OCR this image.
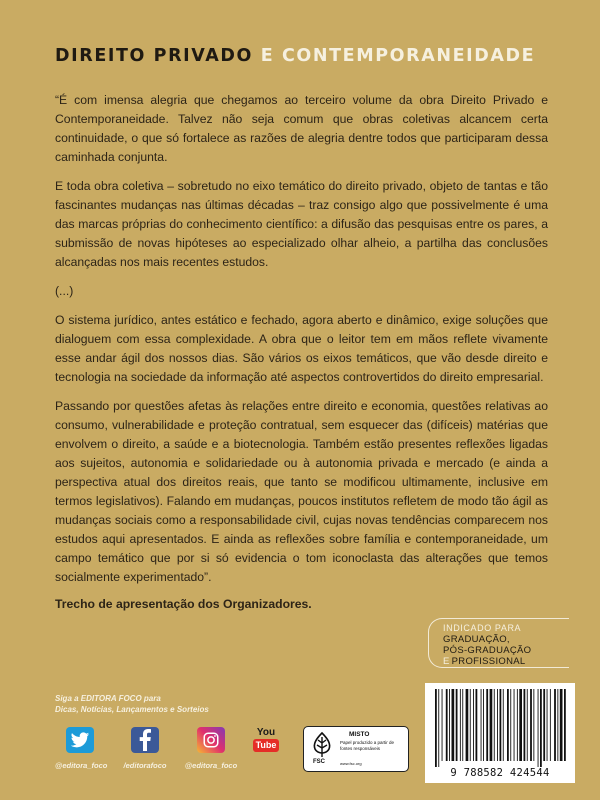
DIREITO PRIVADO E CONTEMPORANEIDADE

“É com imensa alegria que chegamos ao terceiro volume da obra Direito Privado e Contemporaneidade. Talvez não seja comum que obras coletivas alcancem certa continuidade, o que só fortalece as razões de alegria dentre todos que participaram dessa caminhada conjunta.

E toda obra coletiva – sobretudo no eixo temático do direito privado, objeto de tantas e tão fascinantes mudanças nas últimas décadas – traz consigo algo que possivelmente é uma das marcas próprias do conhecimento científico: a difusão das pesquisas entre os pares, a submissão de novas hipóteses ao especializado olhar alheio, a partilha das conclusões alcançadas nos mais recentes estudos.

(...)

O sistema jurídico, antes estático e fechado, agora aberto e dinâmico, exige soluções que dialoguem com essa complexidade. A obra que o leitor tem em mãos reflete vivamente esse andar ágil dos nossos dias. São vários os eixos temáticos, que vão desde direito e tecnologia na sociedade da informação até aspectos controvertidos do direito empresarial.

Passando por questões afetas às relações entre direito e economia, questões relativas ao consumo, vulnerabilidade e proteção contratual, sem esquecer das (difíceis) matérias que envolvem o direito, a saúde e a biotecnologia. Também estão presentes reflexões ligadas aos sujeitos, autonomia e solidariedade ou à autonomia privada e mercado (e ainda a perspectiva atual dos direitos reais, que tanto se modificou ultimamente, inclusive em termos legislativos). Falando em mudanças, poucos institutos refletem de modo tão ágil as mudanças sociais como a responsabilidade civil, cujas novas tendências comparecem nos estudos aqui apresentados. E ainda as reflexões sobre família e contemporaneidade, um campo temático que por si só evidencia o tom iconoclasta das alterações que temos socialmente experimentado”.

Trecho de apresentação dos Organizadores.

INDICADO PARA
GRADUAÇÃO,
PÓS-GRADUAÇÃO
E PROFISSIONAL
Siga a EDITORA FOCO para
Dicas, Notícias, Lançamentos e Sorteios
@editora_foco	/editorafoco	@editora_foco
You
Tube
FSC
MISTO
Papel produzido a partir de fontes responsáveis
www.fsc.org
9 788582 424544
